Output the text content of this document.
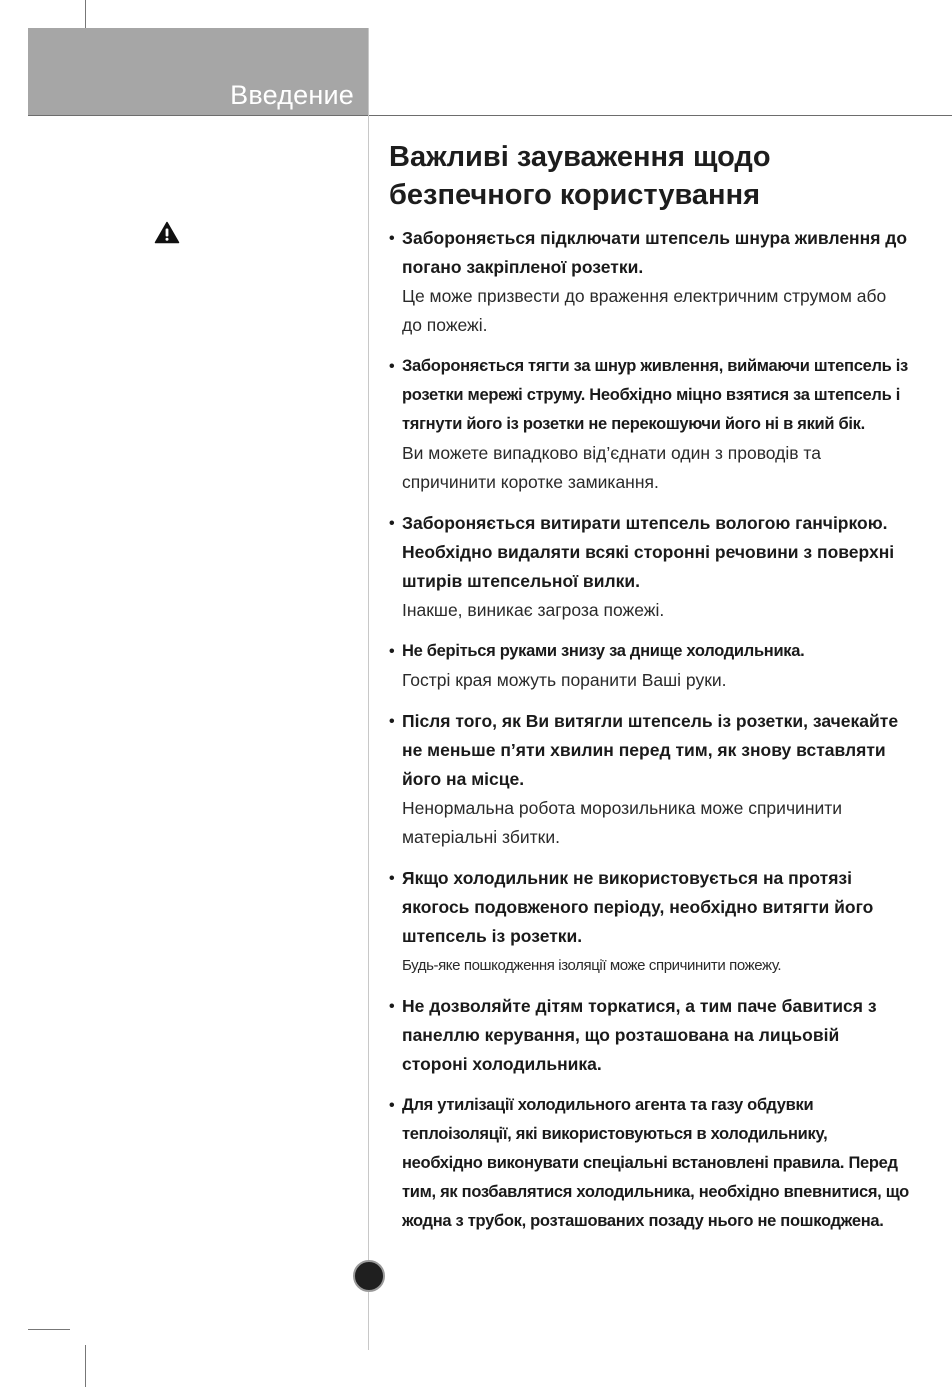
Введение
Важливі зауваження щодо
безпечного користування
• Забороняється підключати штепсель шнура живлення до погано закріпленої розетки.
Це може призвести до враження електричним струмом або до пожежі.
• Забороняється тягти за шнур живлення, виймаючи штепсель із розетки мережі струму. Необхідно міцно взятися за штепсель і тягнути його із розетки не перекошуючи його ні в який бік.
Ви можете випадково від’єднати один з проводів та спричинити коротке замикання.
• Забороняється витирати штепсель вологою ганчіркою. Необхідно видаляти всякі сторонні речовини з поверхні штирів штепсельної вилки.
Інакше, виникає загроза пожежі.
• Не беріться руками знизу за днище холодильника.
Гострі края можуть поранити Ваші руки.
• Після того, як Ви витягли штепсель із розетки, зачекайте не меньше п’яти хвилин перед тим, як знову вставляти його на місце.
Ненормальна робота морозильника може спричинити матеріальні збитки.
• Якщо холодильник не використовується на протязі якогось подовженого періоду, необхідно витягти його штепсель із розетки.
Будь-яке пошкодження ізоляції може спричинити пожежу.
• Не дозволяйте дітям торкатися, а тим паче бавитися з панеллю керування, що розташована на лицьовій стороні холодильника.
• Для утилізації холодильного агента та газу обдувки теплоізоляції, які використовуються в холодильнику, необхідно виконувати спеціальні встановлені правила. Перед тим, як позбавлятися холодильника, необхідно впевнитися, що жодна з трубок, розташованих позаду нього не пошкоджена.
